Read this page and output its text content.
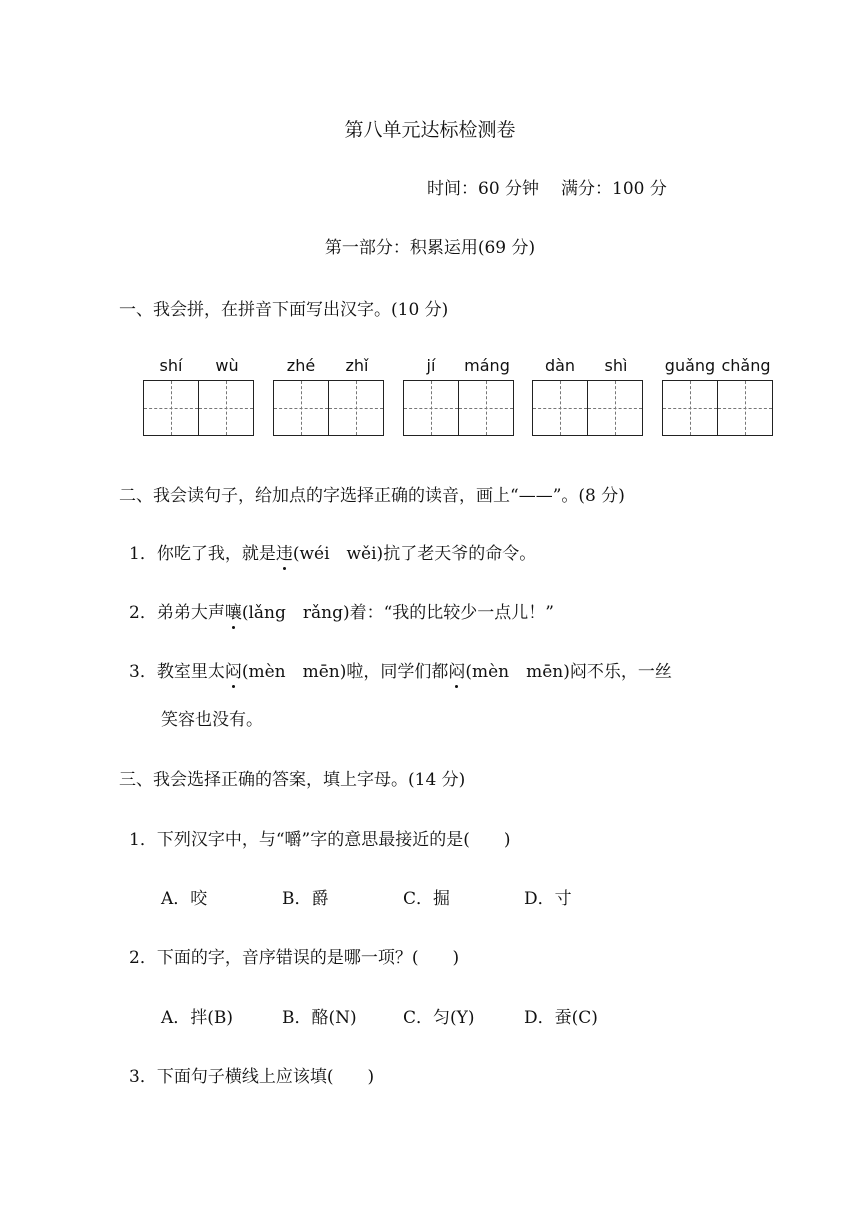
第八单元达标检测卷
时间：60 分钟 满分：100 分
第一部分：积累运用(69 分)
一、我会拼，在拼音下面写出汉字。(10 分)
shí	wù	zhé	zhǐ	jí	máng	dàn	shì	guǎng chǎng
二、我会读句子，给加点的字选择正确的读音，画上“——”。(8 分)
1．你吃了我，就是违(wéi　wěi)抗了老天爷的命令。
2．弟弟大声嚷(lǎng　rǎng)着：“我的比较少一点儿！”
3．教室里太闷(mèn　mēn)啦，同学们都闷(mèn　mēn)闷不乐，一丝
笑容也没有。
三、我会选择正确的答案，填上字母。(14 分)
1．下列汉字中，与“嚼”字的意思最接近的是(　　)
A．咬	B．爵	C．掘	D．寸
2．下面的字，音序错误的是哪一项？(　　)
A．拌(B)	B．酪(N)	C．匀(Y)	D．蚕(C)
3．下面句子横线上应该填(　　)
